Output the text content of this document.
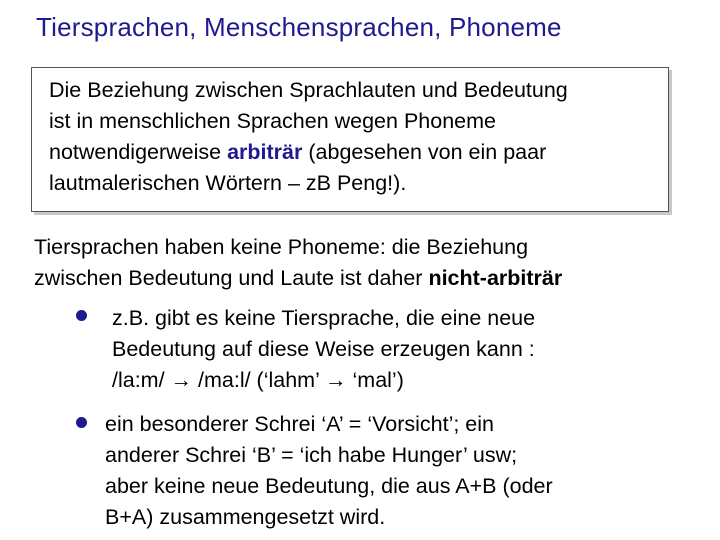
Tiersprachen, Menschensprachen, Phoneme
Die Beziehung zwischen Sprachlauten und Bedeutung
ist in menschlichen Sprachen wegen Phoneme
notwendigerweise arbiträr (abgesehen von ein paar
lautmalerischen Wörtern – zB Peng!).
Tiersprachen haben keine Phoneme: die Beziehung
zwischen Bedeutung und Laute ist daher nicht-arbiträr
z.B. gibt es keine Tiersprache, die eine neue
Bedeutung auf diese Weise erzeugen kann :
/la:m/ → /ma:l/ (‘lahm’ → ‘mal’)
ein besonderer Schrei ‘A’ = ‘Vorsicht’; ein
anderer Schrei ‘B’ = ‘ich habe Hunger’ usw;
aber keine neue Bedeutung, die aus A+B (oder
B+A) zusammengesetzt wird.
